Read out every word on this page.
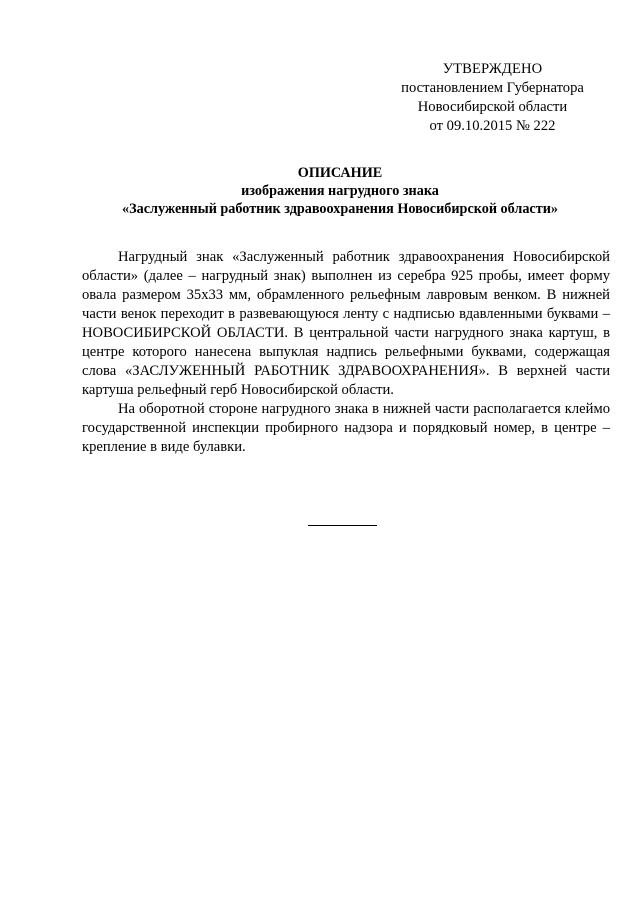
УТВЕРЖДЕНО
постановлением Губернатора
Новосибирской области
от 09.10.2015 № 222
ОПИСАНИЕ
изображения нагрудного знака
«Заслуженный работник здравоохранения Новосибирской области»

Нагрудный знак «Заслуженный работник здравоохранения Новосибирской области» (далее – нагрудный знак) выполнен из серебра 925 пробы, имеет форму овала размером 35x33 мм, обрамленного рельефным лавровым венком. В нижней части венок переходит в развевающуюся ленту с надписью вдавленными буквами – НОВОСИБИРСКОЙ ОБЛАСТИ. В центральной части нагрудного знака картуш, в центре которого нанесена выпуклая надпись рельефными буквами, содержащая слова «ЗАСЛУЖЕННЫЙ РАБОТНИК ЗДРАВООХРАНЕНИЯ». В верхней части картуша рельефный герб Новосибирской области.

На оборотной стороне нагрудного знака в нижней части располагается клеймо государственной инспекции пробирного надзора и порядковый номер, в центре – крепление в виде булавки.
